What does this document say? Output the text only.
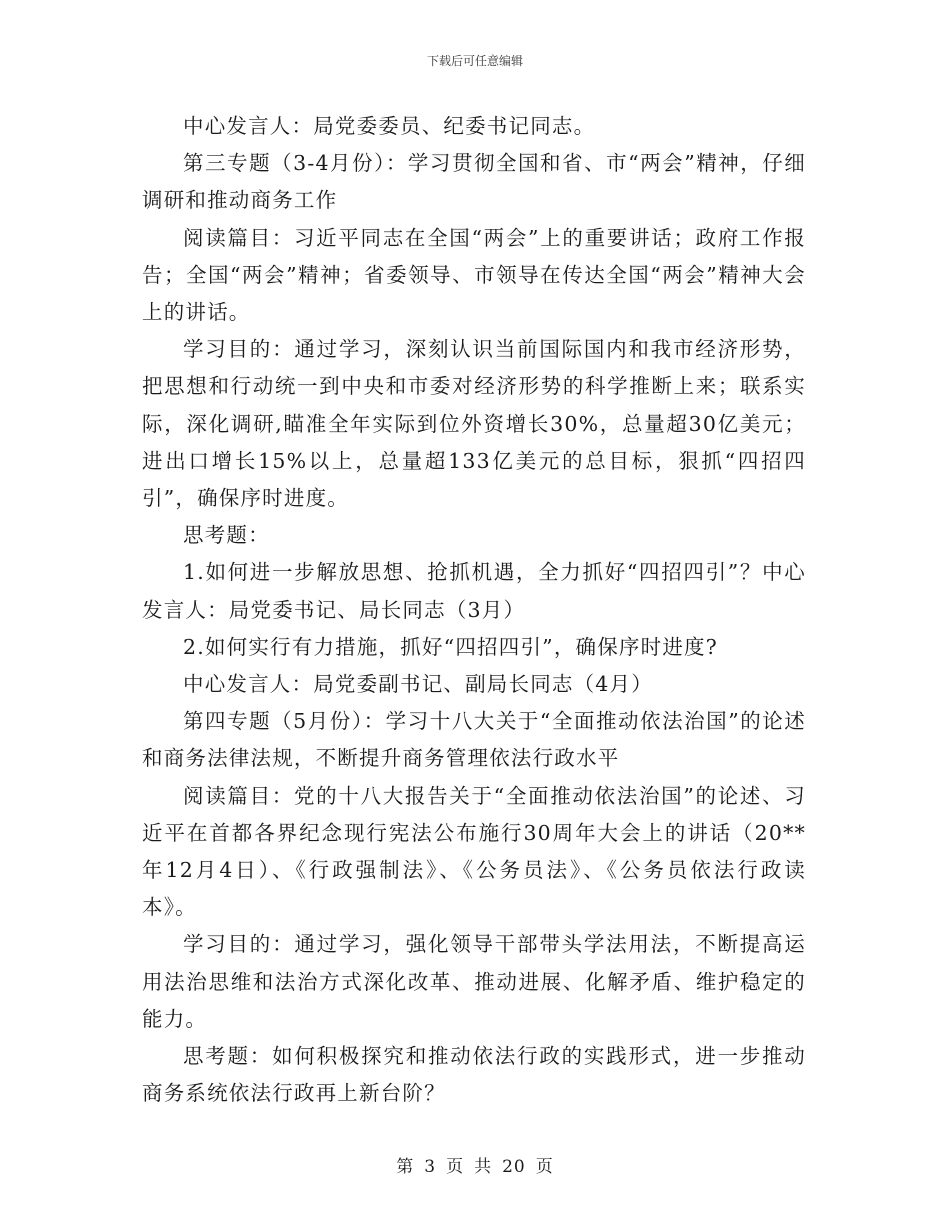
下载后可任意编辑

中心发言人：局党委委员、纪委书记同志。

第三专题（3-4月份）：学习贯彻全国和省、市“两会”精神，仔细调研和推动商务工作

阅读篇目：习近平同志在全国“两会”上的重要讲话；政府工作报告；全国“两会”精神；省委领导、市领导在传达全国“两会”精神大会上的讲话。

学习目的：通过学习，深刻认识当前国际国内和我市经济形势，把思想和行动统一到中央和市委对经济形势的科学推断上来；联系实际，深化调研,瞄准全年实际到位外资增长30%，总量超30亿美元；进出口增长15%以上，总量超133亿美元的总目标，狠抓“四招四引”，确保序时进度。

思考题：

1.如何进一步解放思想、抢抓机遇，全力抓好“四招四引”？中心发言人：局党委书记、局长同志（3月）

2.如何实行有力措施，抓好“四招四引”，确保序时进度?

中心发言人：局党委副书记、副局长同志（4月）

第四专题（5月份）：学习十八大关于“全面推动依法治国”的论述和商务法律法规，不断提升商务管理依法行政水平

阅读篇目：党的十八大报告关于“全面推动依法治国”的论述、习近平在首都各界纪念现行宪法公布施行30周年大会上的讲话（20**年12月4日）、《行政强制法》、《公务员法》、《公务员依法行政读本》。

学习目的：通过学习，强化领导干部带头学法用法，不断提高运用法治思维和法治方式深化改革、推动进展、化解矛盾、维护稳定的能力。

思考题：如何积极探究和推动依法行政的实践形式，进一步推动商务系统依法行政再上新台阶？

第 3 页 共 20 页
